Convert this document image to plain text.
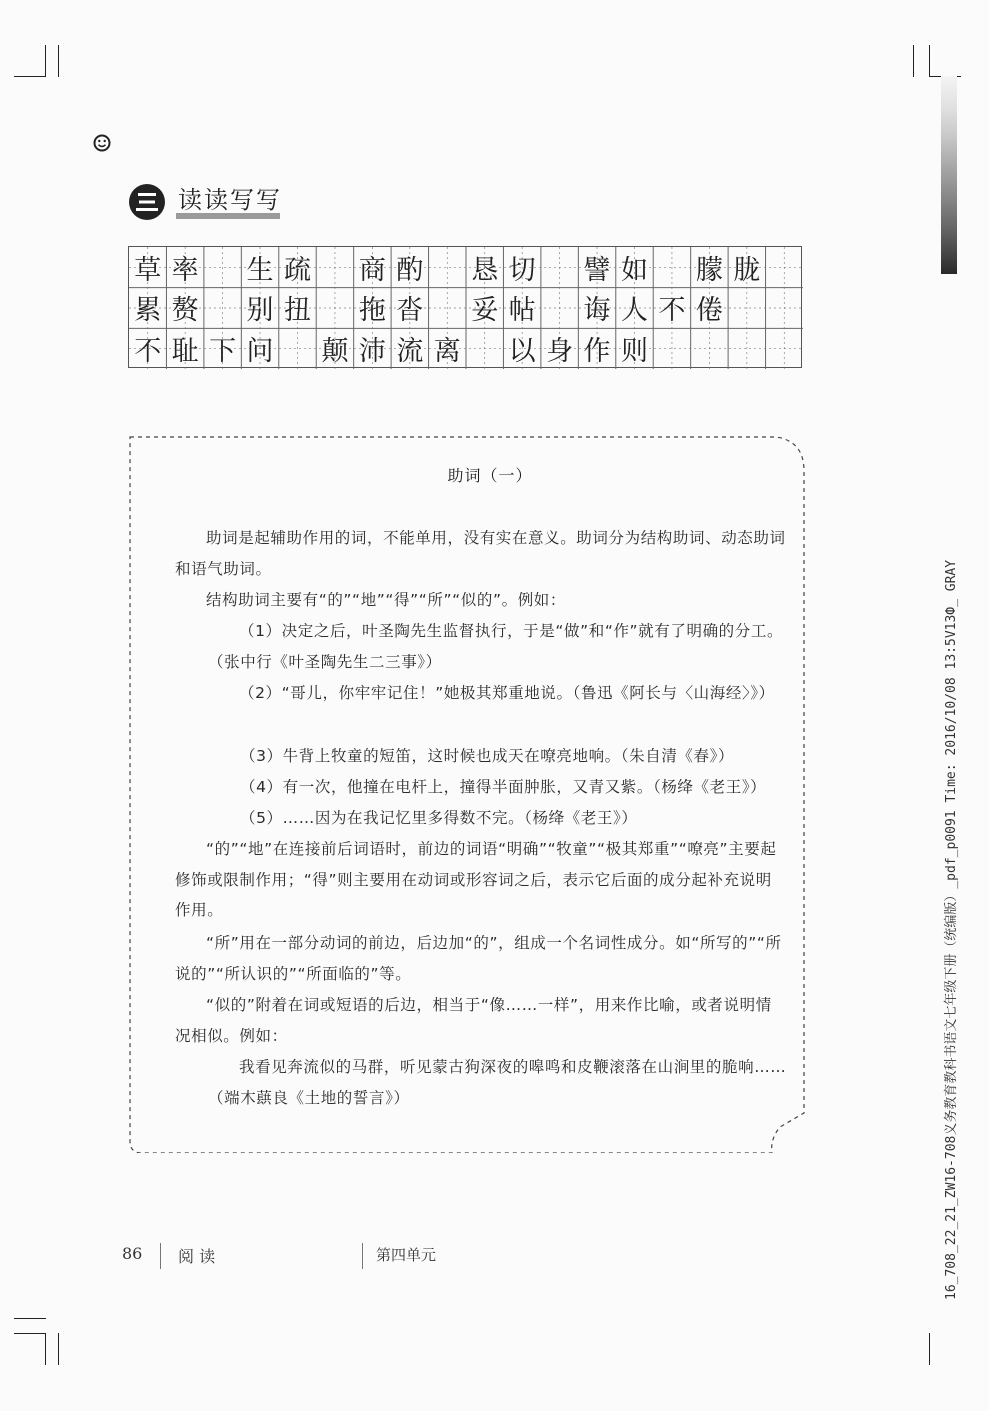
读读写写
草 率 生 疏 商 酌 恳 切 譬 如 朦 胧
累 赘 别 扭 拖 沓 妥 帖 诲 人 不 倦
不 耻 下 问 颠 沛 流 离 以 身 作 则
助词（一）
助词是起辅助作用的词，不能单用，没有实在意义。助词分为结构助词、动态助词和语气助词。
结构助词主要有“的”“地”“得”“所”“似的”。例如：
（1）决定之后，叶圣陶先生监督执行，于是“做”和“作”就有了明确的分工。（张中行《叶圣陶先生二三事》）
（2）“哥儿，你牢牢记住！”她极其郑重地说。（鲁迅《阿长与〈山海经〉》）
（3）牛背上牧童的短笛，这时候也成天在嘹亮地响。（朱自清《春》）
（4）有一次，他撞在电杆上，撞得半面肿胀，又青又紫。（杨绛《老王》）
（5）……因为在我记忆里多得数不完。（杨绛《老王》）
“的”“地”在连接前后词语时，前边的词语“明确”“牧童”“极其郑重”“嘹亮”主要起修饰或限制作用；“得”则主要用在动词或形容词之后，表示它后面的成分起补充说明作用。
“所”用在一部分动词的前边，后边加“的”，组成一个名词性成分。如“所写的”“所说的”“所认识的”“所面临的”等。
“似的”附着在词或短语的后边，相当于“像……一样”，用来作比喻，或者说明情况相似。例如：
我看见奔流似的马群，听见蒙古狗深夜的嗥鸣和皮鞭滚落在山涧里的脆响……（端木蕻良《土地的誓言》）
86 阅 读	第四单元	16_708_22_21_ZW16-708义务教育教科书语文七年级下册（统编版）_pdf_p0091 Time: 2016/10/08 13:5V13Ф_ GRAY
